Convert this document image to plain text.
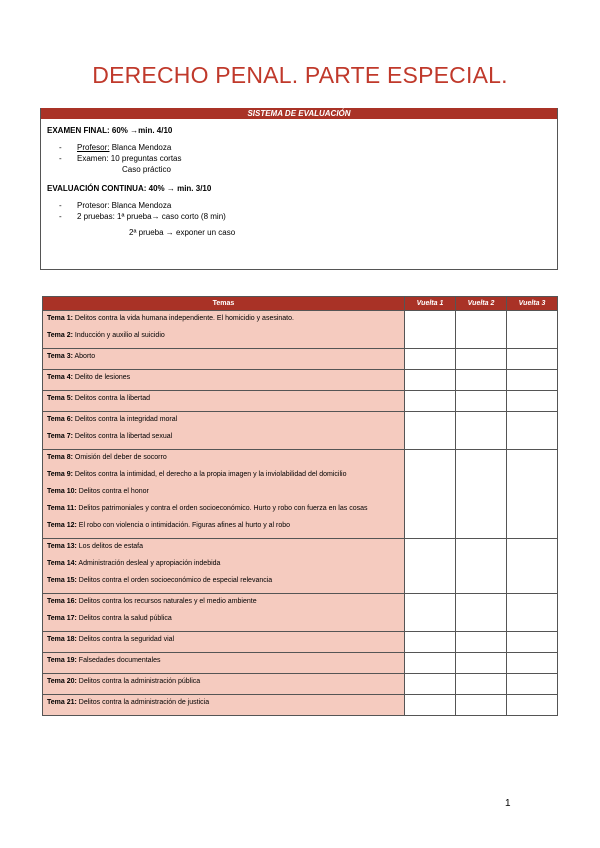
DERECHO PENAL. PARTE ESPECIAL.
SISTEMA DE EVALUACIÓN
EXAMEN FINAL: 60% →min. 4/10
- Profesor: Blanca Mendoza
- Examen: 10 preguntas cortas
Caso práctico
EVALUACIÓN CONTINUA: 40% → min. 3/10
- Protesor: Blanca Mendoza
- 2 pruebas: 1ª prueba→ caso corto (8 min)
2ª prueba → exponer un caso
Temas	Vuelta 1	Vuelta 2	Vuelta 3

Tema 1: Delitos contra la vida humana independiente. El homicidio y asesinato.
Tema 2: Inducción y auxilio al suicidio			

Tema 3: Aborto			

Tema 4: Delito de lesiones			

Tema 5: Delitos contra la libertad			

Tema 6: Delitos contra la integridad moral
Tema 7: Delitos contra la libertad sexual			

Tema 8: Omisión del deber de socorro
Tema 9: Delitos contra la intimidad, el derecho a la propia imagen y la inviolabilidad del domicilio
Tema 10: Delitos contra el honor
Tema 11: Delitos patrimoniales y contra el orden socioeconómico. Hurto y robo con fuerza en las cosas
Tema 12: El robo con violencia o intimidación. Figuras afines al hurto y al robo			

Tema 13: Los delitos de estafa
Tema 14: Administración desleal y apropiación indebida
Tema 15: Delitos contra el orden socioeconómico de especial relevancia			

Tema 16: Delitos contra los recursos naturales y el medio ambiente
Tema 17: Delitos contra la salud pública			

Tema 18: Delitos contra la seguridad vial			

Tema 19: Falsedades documentales			

Tema 20: Delitos contra la administración pública			

Tema 21: Delitos contra la administración de justicia			

1
